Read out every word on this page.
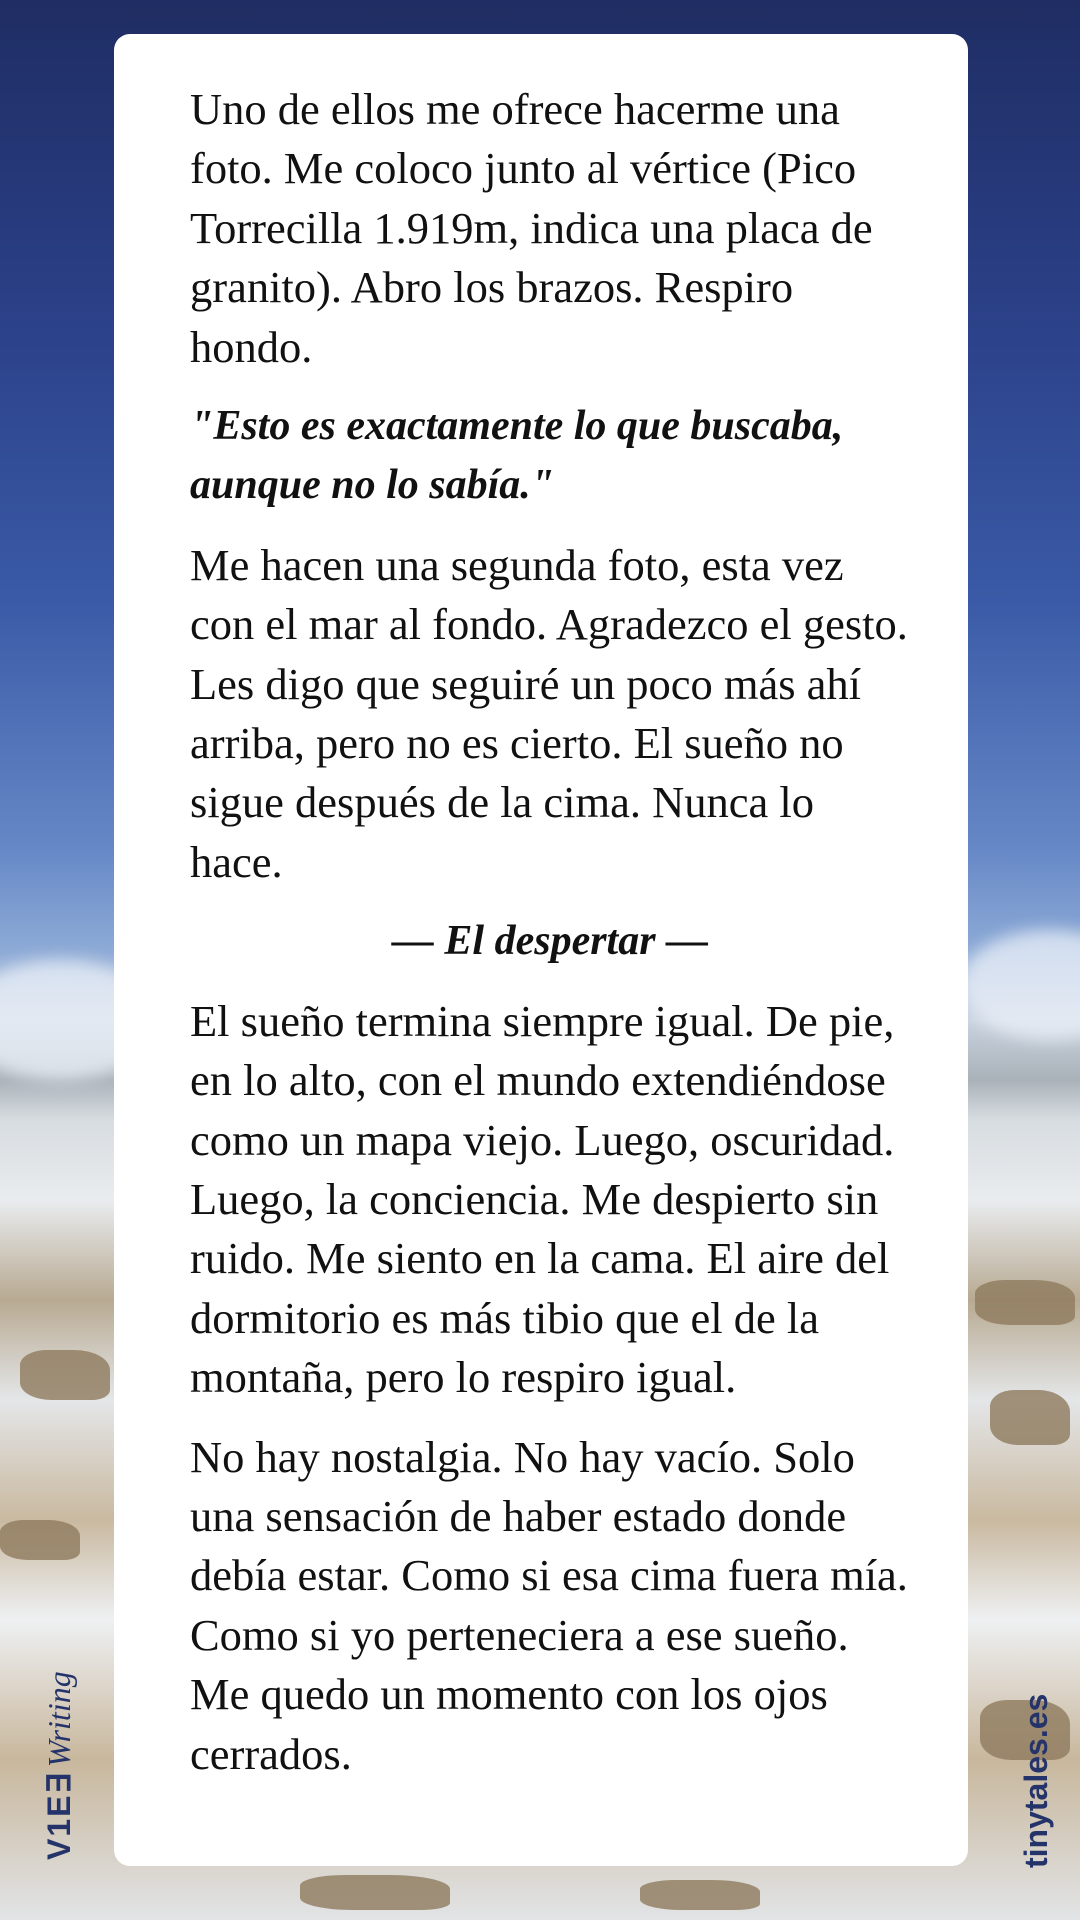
Uno de ellos me ofrece hacerme una foto. Me coloco junto al vértice (Pico Torrecilla 1.919m, indica una placa de granito). Abro los brazos. Respiro hondo.

"Esto es exactamente lo que buscaba, aunque no lo sabía."

Me hacen una segunda foto, esta vez con el mar al fondo. Agradezco el gesto. Les digo que seguiré un poco más ahí arriba, pero no es cierto. El sueño no sigue después de la cima. Nunca lo hace.

— El despertar —

El sueño termina siempre igual. De pie, en lo alto, con el mundo extendiéndose como un mapa viejo. Luego, oscuridad. Luego, la conciencia. Me despierto sin ruido. Me siento en la cama. El aire del dormitorio es más tibio que el de la montaña, pero lo respiro igual.

No hay nostalgia. No hay vacío. Solo una sensación de haber estado donde debía estar. Como si esa cima fuera mía. Como si yo perteneciera a ese sueño. Me quedo un momento con los ojos cerrados.

V1E∃Writing	tinytales.es
